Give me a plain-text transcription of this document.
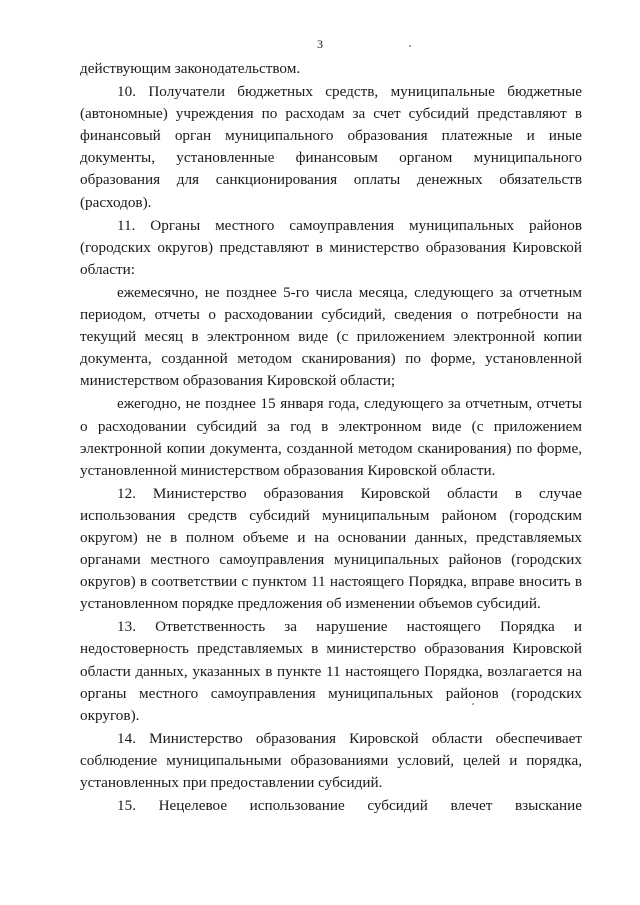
3

действующим законодательством.

10. Получатели бюджетных средств, муниципальные бюджетные (автономные) учреждения по расходам за счет субсидий представляют в финансовый орган муниципального образования платежные и иные документы, установленные финансовым органом муниципального образования для санкционирования оплаты денежных обязательств (расходов).

11. Органы местного самоуправления муниципальных районов (городских округов) представляют в министерство образования Кировской области:

ежемесячно, не позднее 5-го числа месяца, следующего за отчетным периодом, отчеты о расходовании субсидий, сведения о потребности на текущий месяц в электронном виде (с приложением электронной копии документа, созданной методом сканирования) по форме, установленной министерством образования Кировской области;

ежегодно, не позднее 15 января года, следующего за отчетным, отчеты о расходовании субсидий за год в электронном виде (с приложением электронной копии документа, созданной методом сканирования) по форме, установленной министерством образования Кировской области.

12. Министерство образования Кировской области в случае использования средств субсидий муниципальным районом (городским округом) не в полном объеме и на основании данных, представляемых органами местного самоуправления муниципальных районов (городских округов) в соответствии с пунктом 11 настоящего Порядка, вправе вносить в установленном порядке предложения об изменении объемов субсидий.

13. Ответственность за нарушение настоящего Порядка и недостоверность представляемых в министерство образования Кировской области данных, указанных в пункте 11 настоящего Порядка, возлагается на органы местного самоуправления муниципальных районов (городских округов).

14. Министерство образования Кировской области обеспечивает соблюдение муниципальными образованиями условий, целей и порядка, установленных при предоставлении субсидий.

15. Нецелевое использование субсидий влечет взыскание
